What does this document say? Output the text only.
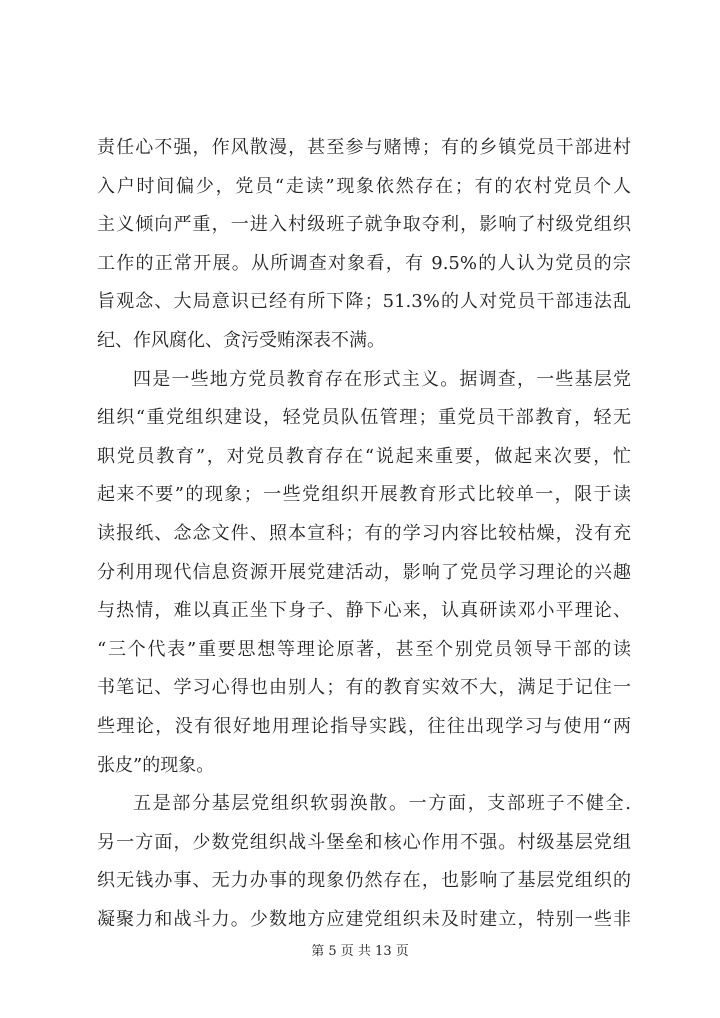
责任心不强，作风散漫，甚至参与赌博；有的乡镇党员干部进村
入户时间偏少，党员“走读”现象依然存在；有的农村党员个人
主义倾向严重，一进入村级班子就争取夺利，影响了村级党组织
工作的正常开展。从所调查对象看，有 9.5%的人认为党员的宗
旨观念、大局意识已经有所下降；51.3%的人对党员干部违法乱
纪、作风腐化、贪污受贿深表不满。
四是一些地方党员教育存在形式主义。据调查，一些基层党
组织“重党组织建设，轻党员队伍管理；重党员干部教育，轻无
职党员教育”，对党员教育存在“说起来重要，做起来次要，忙
起来不要”的现象；一些党组织开展教育形式比较单一，限于读
读报纸、念念文件、照本宣科；有的学习内容比较枯燥，没有充
分利用现代信息资源开展党建活动，影响了党员学习理论的兴趣
与热情，难以真正坐下身子、静下心来，认真研读邓小平理论、
“三个代表”重要思想等理论原著，甚至个别党员领导干部的读
书笔记、学习心得也由别人；有的教育实效不大，满足于记住一
些理论，没有很好地用理论指导实践，往往出现学习与使用“两
张皮”的现象。
五是部分基层党组织软弱涣散。一方面，支部班子不健全.
另一方面，少数党组织战斗堡垒和核心作用不强。村级基层党组
织无钱办事、无力办事的现象仍然存在，也影响了基层党组织的
凝聚力和战斗力。少数地方应建党组织未及时建立，特别一些非
第 5 页 共 13 页
